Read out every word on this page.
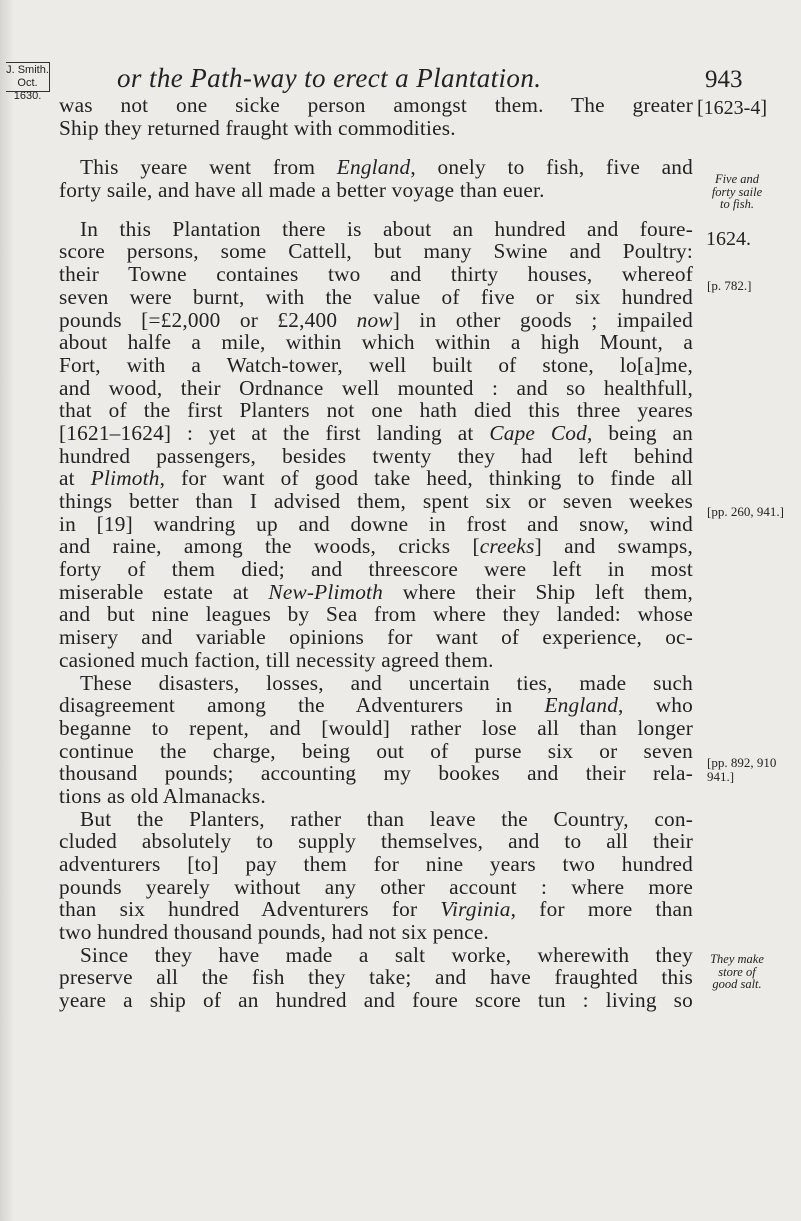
J. Smith.
Oct. 1630.
or the Path-way to erect a Plantation.	943
[1623-4]
Five and
forty saile
to fish.
1624.
[p. 782.]
[pp. 260, 941.]
[pp. 892, 910
941.]
They make
store of
good salt.
was not one sicke person amongst them. The greater
Ship they returned fraught with commodities.
This yeare went from England, onely to fish, five and
forty saile, and have all made a better voyage than euer.
In this Plantation there is about an hundred and foure-
score persons, some Cattell, but many Swine and Poultry:
their Towne containes two and thirty houses, whereof
seven were burnt, with the value of five or six hundred
pounds [=£2,000 or £2,400 now] in other goods ; impailed
about halfe a mile, within which within a high Mount, a
Fort, with a Watch-tower, well built of stone, lo[a]me,
and wood, their Ordnance well mounted : and so healthfull,
that of the first Planters not one hath died this three yeares
[1621–1624] : yet at the first landing at Cape Cod, being an
hundred passengers, besides twenty they had left behind
at Plimoth, for want of good take heed, thinking to finde all
things better than I advised them, spent six or seven weekes
in [19] wandring up and downe in frost and snow, wind
and raine, among the woods, cricks [creeks] and swamps,
forty of them died; and threescore were left in most
miserable estate at New-Plimoth where their Ship left them,
and but nine leagues by Sea from where they landed: whose
misery and variable opinions for want of experience, oc-
casioned much faction, till necessity agreed them.
These disasters, losses, and uncertain ties, made such
disagreement among the Adventurers in England, who
beganne to repent, and [would] rather lose all than longer
continue the charge, being out of purse six or seven
thousand pounds; accounting my bookes and their rela-
tions as old Almanacks.
But the Planters, rather than leave the Country, con-
cluded absolutely to supply themselves, and to all their
adventurers [to] pay them for nine years two hundred
pounds yearely without any other account : where more
than six hundred Adventurers for Virginia, for more than
two hundred thousand pounds, had not six pence.
Since they have made a salt worke, wherewith they
preserve all the fish they take; and have fraughted this
yeare a ship of an hundred and foure score tun : living so
